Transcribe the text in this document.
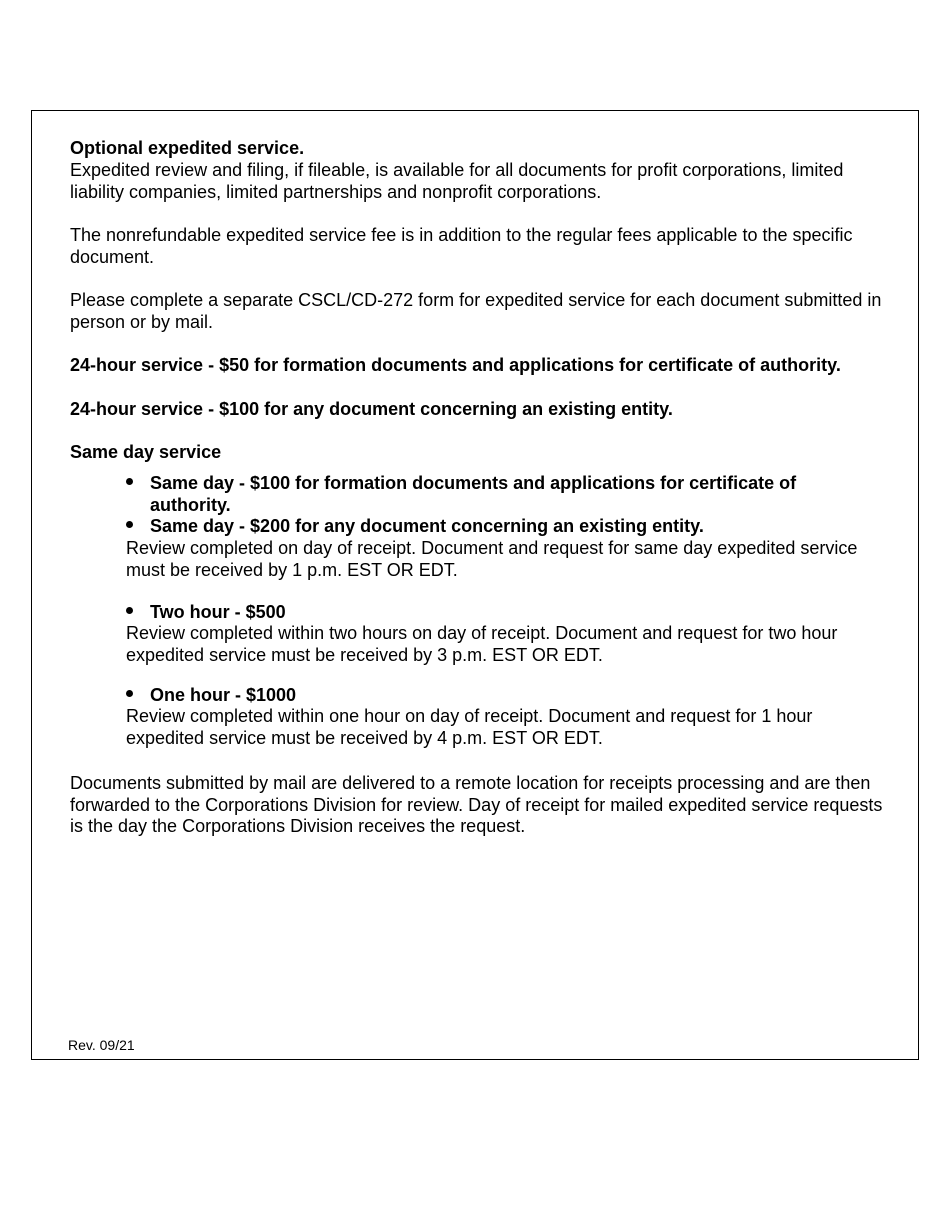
Optional expedited service.
Expedited review and filing, if fileable, is available for all documents for profit corporations, limited liability companies, limited partnerships and nonprofit corporations.
The nonrefundable expedited service fee is in addition to the regular fees applicable to the specific document.
Please complete a separate CSCL/CD-272 form for expedited service for each document submitted in person or by mail.
24-hour service - $50 for formation documents and applications for certificate of authority.
24-hour service - $100 for any document concerning an existing entity.
Same day service
Same day - $100 for formation documents and applications for certificate of authority.
Same day - $200 for any document concerning an existing entity.
Review completed on day of receipt. Document and request for same day expedited service must be received by 1 p.m. EST OR EDT.
Two hour - $500
Review completed within two hours on day of receipt. Document and request for two hour expedited service must be received by 3 p.m. EST OR EDT.
One hour - $1000
Review completed within one hour on day of receipt. Document and request for 1 hour expedited service must be received by 4 p.m. EST OR EDT.
Documents submitted by mail are delivered to a remote location for receipts processing and are then forwarded to the Corporations Division for review. Day of receipt for mailed expedited service requests is the day the Corporations Division receives the request.
Rev. 09/21
